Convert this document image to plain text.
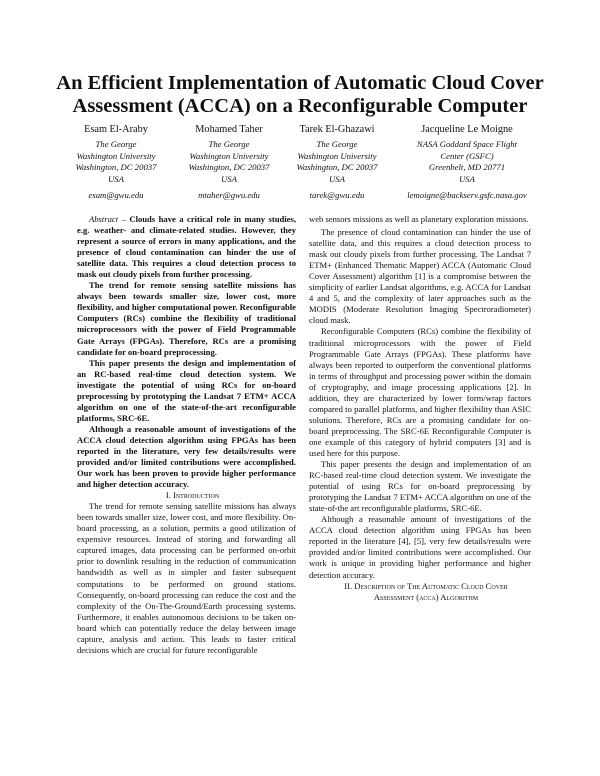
An Efficient Implementation of Automatic Cloud Cover Assessment (ACCA) on a Reconfigurable Computer
Esam El-Araby
The George
Washington University
Washington, DC 20037
USA
esam@gwu.edu
Mohamed Taher
The George
Washington University
Washington, DC 20037
USA
mtaher@gwu.edu
Tarek El-Ghazawi
The George
Washington University
Washington, DC 20037
USA
tarek@gwu.edu
Jacqueline Le Moigne
NASA Goddard Space Flight
Center (GSFC)
Greenbelt, MD 20771
USA
lemoigne@backserv.gsfc.nasa.gov

Abstract – Clouds have a critical role in many studies, e.g. weather- and climate-related studies. However, they represent a source of errors in many applications, and the presence of cloud contamination can hinder the use of satellite data. This requires a cloud detection process to mask out cloudy pixels from further processing.

The trend for remote sensing satellite missions has always been towards smaller size, lower cost, more flexibility, and higher computational power. Reconfigurable Computers (RCs) combine the flexibility of traditional microprocessors with the power of Field Programmable Gate Arrays (FPGAs). Therefore, RCs are a promising candidate for on-board preprocessing.

This paper presents the design and implementation of an RC-based real-time cloud detection system. We investigate the potential of using RCs for on-board preprocessing by prototyping the Landsat 7 ETM+ ACCA algorithm on one of the state-of-the-art reconfigurable platforms, SRC-6E.

Although a reasonable amount of investigations of the ACCA cloud detection algorithm using FPGAs has been reported in the literature, very few details/results were provided and/or limited contributions were accomplished. Our work has been proven to provide higher performance and higher detection accuracy.

I. Introduction

The trend for remote sensing satellite missions has always been towards smaller size, lower cost, and more flexibility. On-board processing, as a solution, permits a good utilization of expensive resources. Instead of storing and forwarding all captured images, data processing can be performed on-orbit prior to downlink resulting in the reduction of communication bandwidth as well as in simpler and faster subsequent computations to be performed on ground stations. Consequently, on-board processing can reduce the cost and the complexity of the On-The-Ground/Earth processing systems. Furthermore, it enables autonomous decisions to be taken on-board which can potentially reduce the delay between image capture, analysis and action. This leads to faster critical decisions which are crucial for future reconfigurable

web sensors missions as well as planetary exploration missions.

The presence of cloud contamination can hinder the use of satellite data, and this requires a cloud detection process to mask out cloudy pixels from further processing. The Landsat 7 ETM+ (Enhanced Thematic Mapper) ACCA (Automatic Cloud Cover Assessment) algorithm [1] is a compromise between the simplicity of earlier Landsat algorithms, e.g. ACCA for Landsat 4 and 5, and the complexity of later approaches such as the MODIS (Moderate Resolution Imaging Spectroradiometer) cloud mask.

Reconfigurable Computers (RCs) combine the flexibility of traditional microprocessors with the power of Field Programmable Gate Arrays (FPGAs). These platforms have always been reported to outperform the conventional platforms in terms of throughput and processing power within the domain of cryptography, and image processing applications [2]. In addition, they are characterized by lower form/wrap factors compared to parallel platforms, and higher flexibility than ASIC solutions. Therefore, RCs are a promising candidate for on-board preprocessing. The SRC-6E Reconfigurable Computer is one example of this category of hybrid computers [3] and is used here for this purpose.

This paper presents the design and implementation of an RC-based real-time cloud detection system. We investigate the potential of using RCs for on-board preprocessing by prototyping the Landsat 7 ETM+ ACCA algorithm on one of the state-of-the art reconfigurable platforms, SRC-6E.

Although a reasonable amount of investigations of the ACCA cloud detection algorithm using FPGAs has been reported in the literature [4], [5], very few details/results were provided and/or limited contributions were accomplished. Our work is unique in providing higher performance and higher detection accuracy.

II. Description of The Automatic Cloud Cover

Assessment (acca) Algorithm
